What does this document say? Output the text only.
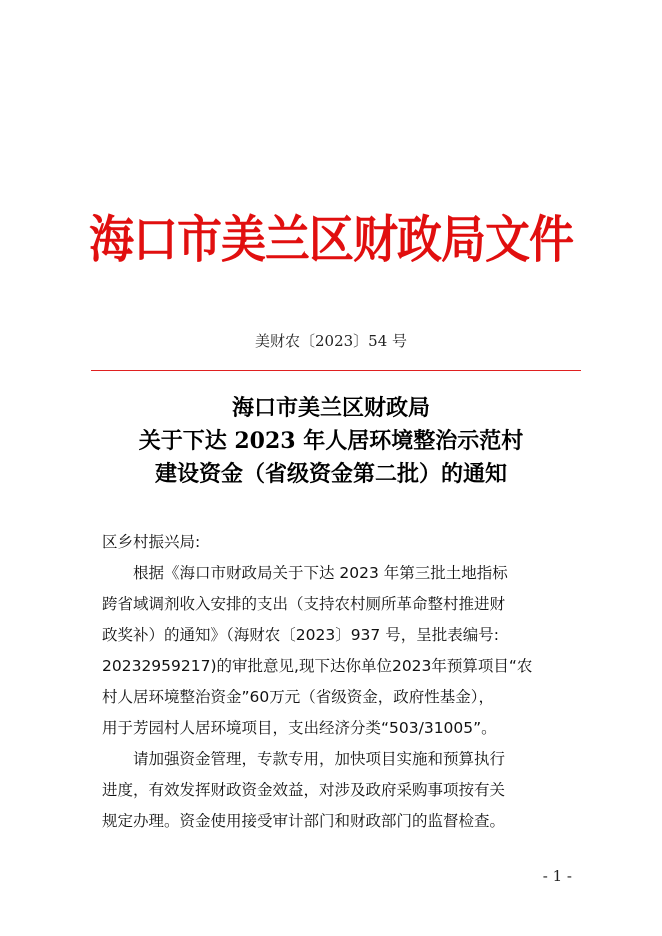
海口市美兰区财政局文件
美财农〔2023〕54 号
海口市美兰区财政局
关于下达 2023 年人居环境整治示范村
建设资金（省级资金第二批）的通知
区乡村振兴局:
根据《海口市财政局关于下达 2023 年第三批土地指标
跨省域调剂收入安排的支出（支持农村厕所革命整村推进财
政奖补）的通知》（海财农〔2023〕937 号，呈批表编号:
20232959217)的审批意见,现下达你单位2023年预算项目“农
村人居环境整治资金”60万元（省级资金，政府性基金），
用于芳园村人居环境项目，支出经济分类“503/31005”。
请加强资金管理，专款专用，加快项目实施和预算执行
进度，有效发挥财政资金效益，对涉及政府采购事项按有关
规定办理。资金使用接受审计部门和财政部门的监督检查。
- 1 -
